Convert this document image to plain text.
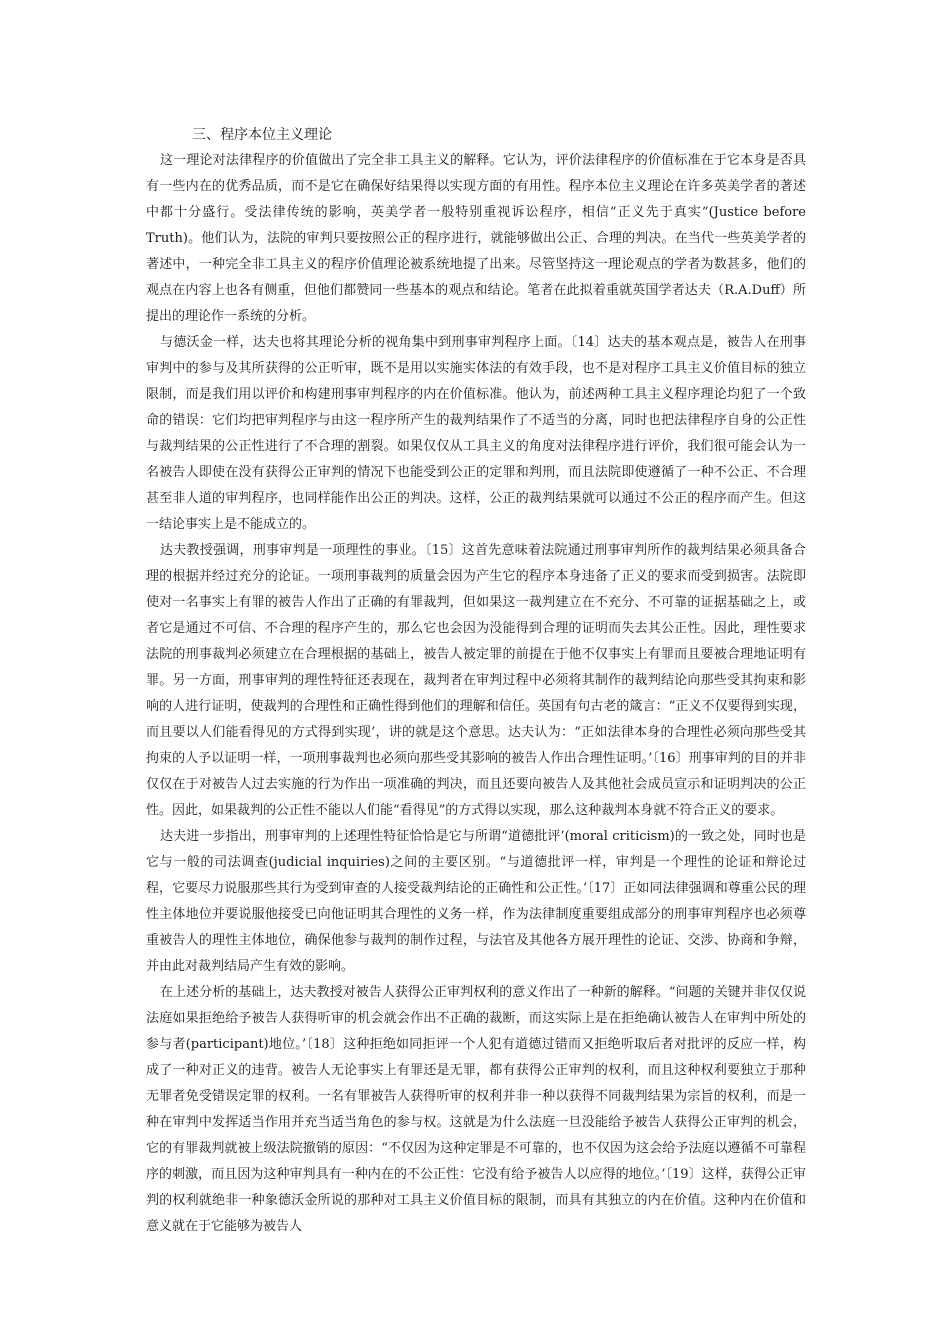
三、程序本位主义理论

这一理论对法律程序的价值做出了完全非工具主义的解释。它认为，评价法律程序的价值标准在于它本身是否具有一些内在的优秀品质，而不是它在确保好结果得以实现方面的有用性。程序本位主义理论在许多英美学者的著述中都十分盛行。受法律传统的影响，英美学者一般特别重视诉讼程序，相信“正义先于真实”(Justice before Truth)。他们认为，法院的审判只要按照公正的程序进行，就能够做出公正、合理的判决。在当代一些英美学者的著述中，一种完全非工具主义的程序价值理论被系统地提了出来。尽管坚持这一理论观点的学者为数甚多，他们的观点在内容上也各有侧重，但他们都赞同一些基本的观点和结论。笔者在此拟着重就英国学者达夫（R.A.Duff）所提出的理论作一系统的分析。

与德沃金一样，达夫也将其理论分析的视角集中到刑事审判程序上面。〔14〕达夫的基本观点是，被告人在刑事审判中的参与及其所获得的公正听审，既不是用以实施实体法的有效手段，也不是对程序工具主义价值目标的独立限制，而是我们用以评价和构建刑事审判程序的内在价值标准。他认为，前述两种工具主义程序理论均犯了一个致命的错误：它们均把审判程序与由这一程序所产生的裁判结果作了不适当的分离，同时也把法律程序自身的公正性与裁判结果的公正性进行了不合理的割裂。如果仅仅从工具主义的角度对法律程序进行评价，我们很可能会认为一名被告人即使在没有获得公正审判的情况下也能受到公正的定罪和判刑，而且法院即使遵循了一种不公正、不合理甚至非人道的审判程序，也同样能作出公正的判决。这样，公正的裁判结果就可以通过不公正的程序而产生。但这一结论事实上是不能成立的。

达夫教授强调，刑事审判是一项理性的事业。〔15〕这首先意味着法院通过刑事审判所作的裁判结果必须具备合理的根据并经过充分的论证。一项刑事裁判的质量会因为产生它的程序本身违备了正义的要求而受到损害。法院即使对一名事实上有罪的被告人作出了正确的有罪裁判，但如果这一裁判建立在不充分、不可靠的证据基础之上，或者它是通过不可信、不合理的程序产生的，那么它也会因为没能得到合理的证明而失去其公正性。因此，理性要求法院的刑事裁判必须建立在合理根据的基础上，被告人被定罪的前提在于他不仅事实上有罪而且要被合理地证明有罪。另一方面，刑事审判的理性特征还表现在，裁判者在审判过程中必须将其制作的裁判结论向那些受其拘束和影响的人进行证明，使裁判的合理性和正确性得到他们的理解和信任。英国有句古老的箴言：“正义不仅要得到实现，而且要以人们能看得见的方式得到实现’，讲的就是这个意思。达夫认为：“正如法律本身的合理性必须向那些受其拘束的人予以证明一样，一项刑事裁判也必须向那些受其影响的被告人作出合理性证明。’〔16〕刑事审判的目的并非仅仅在于对被告人过去实施的行为作出一项准确的判决，而且还要向被告人及其他社会成员宣示和证明判决的公正性。因此，如果裁判的公正性不能以人们能“看得见”的方式得以实现，那么这种裁判本身就不符合正义的要求。

达夫进一步指出，刑事审判的上述理性特征恰恰是它与所谓“道德批评’(moral criticism)的一致之处，同时也是它与一般的司法调查(judicial inquiries)之间的主要区别。“与道德批评一样，审判是一个理性的论证和辩论过程，它要尽力说服那些其行为受到审查的人接受裁判结论的正确性和公正性。’〔17〕正如同法律强调和尊重公民的理性主体地位并要说服他接受已向他证明其合理性的义务一样，作为法律制度重要组成部分的刑事审判程序也必须尊重被告人的理性主体地位，确保他参与裁判的制作过程，与法官及其他各方展开理性的论证、交涉、协商和争辩，并由此对裁判结局产生有效的影响。

在上述分析的基础上，达夫教授对被告人获得公正审判权利的意义作出了一种新的解释。“问题的关键并非仅仅说法庭如果拒绝给予被告人获得听审的机会就会作出不正确的裁断，而这实际上是在拒绝确认被告人在审判中所处的参与者(participant)地位。’〔18〕这种拒绝如同拒评一个人犯有道德过错而又拒绝听取后者对批评的反应一样，构成了一种对正义的违背。被告人无论事实上有罪还是无罪，都有获得公正审判的权利，而且这种权利要独立于那种无罪者免受错误定罪的权利。一名有罪被告人获得听审的权利并非一种以获得不同裁判结果为宗旨的权利，而是一种在审判中发挥适当作用并充当适当角色的参与权。这就是为什么法庭一旦没能给予被告人获得公正审判的机会，它的有罪裁判就被上级法院撤销的原因：“不仅因为这种定罪是不可靠的，也不仅因为这会给予法庭以遵循不可靠程序的刺激，而且因为这种审判具有一种内在的不公正性：它没有给予被告人以应得的地位。’〔19〕这样，获得公正审判的权利就绝非一种象德沃金所说的那种对工具主义价值目标的限制，而具有其独立的内在价值。这种内在价值和意义就在于它能够为被告人
